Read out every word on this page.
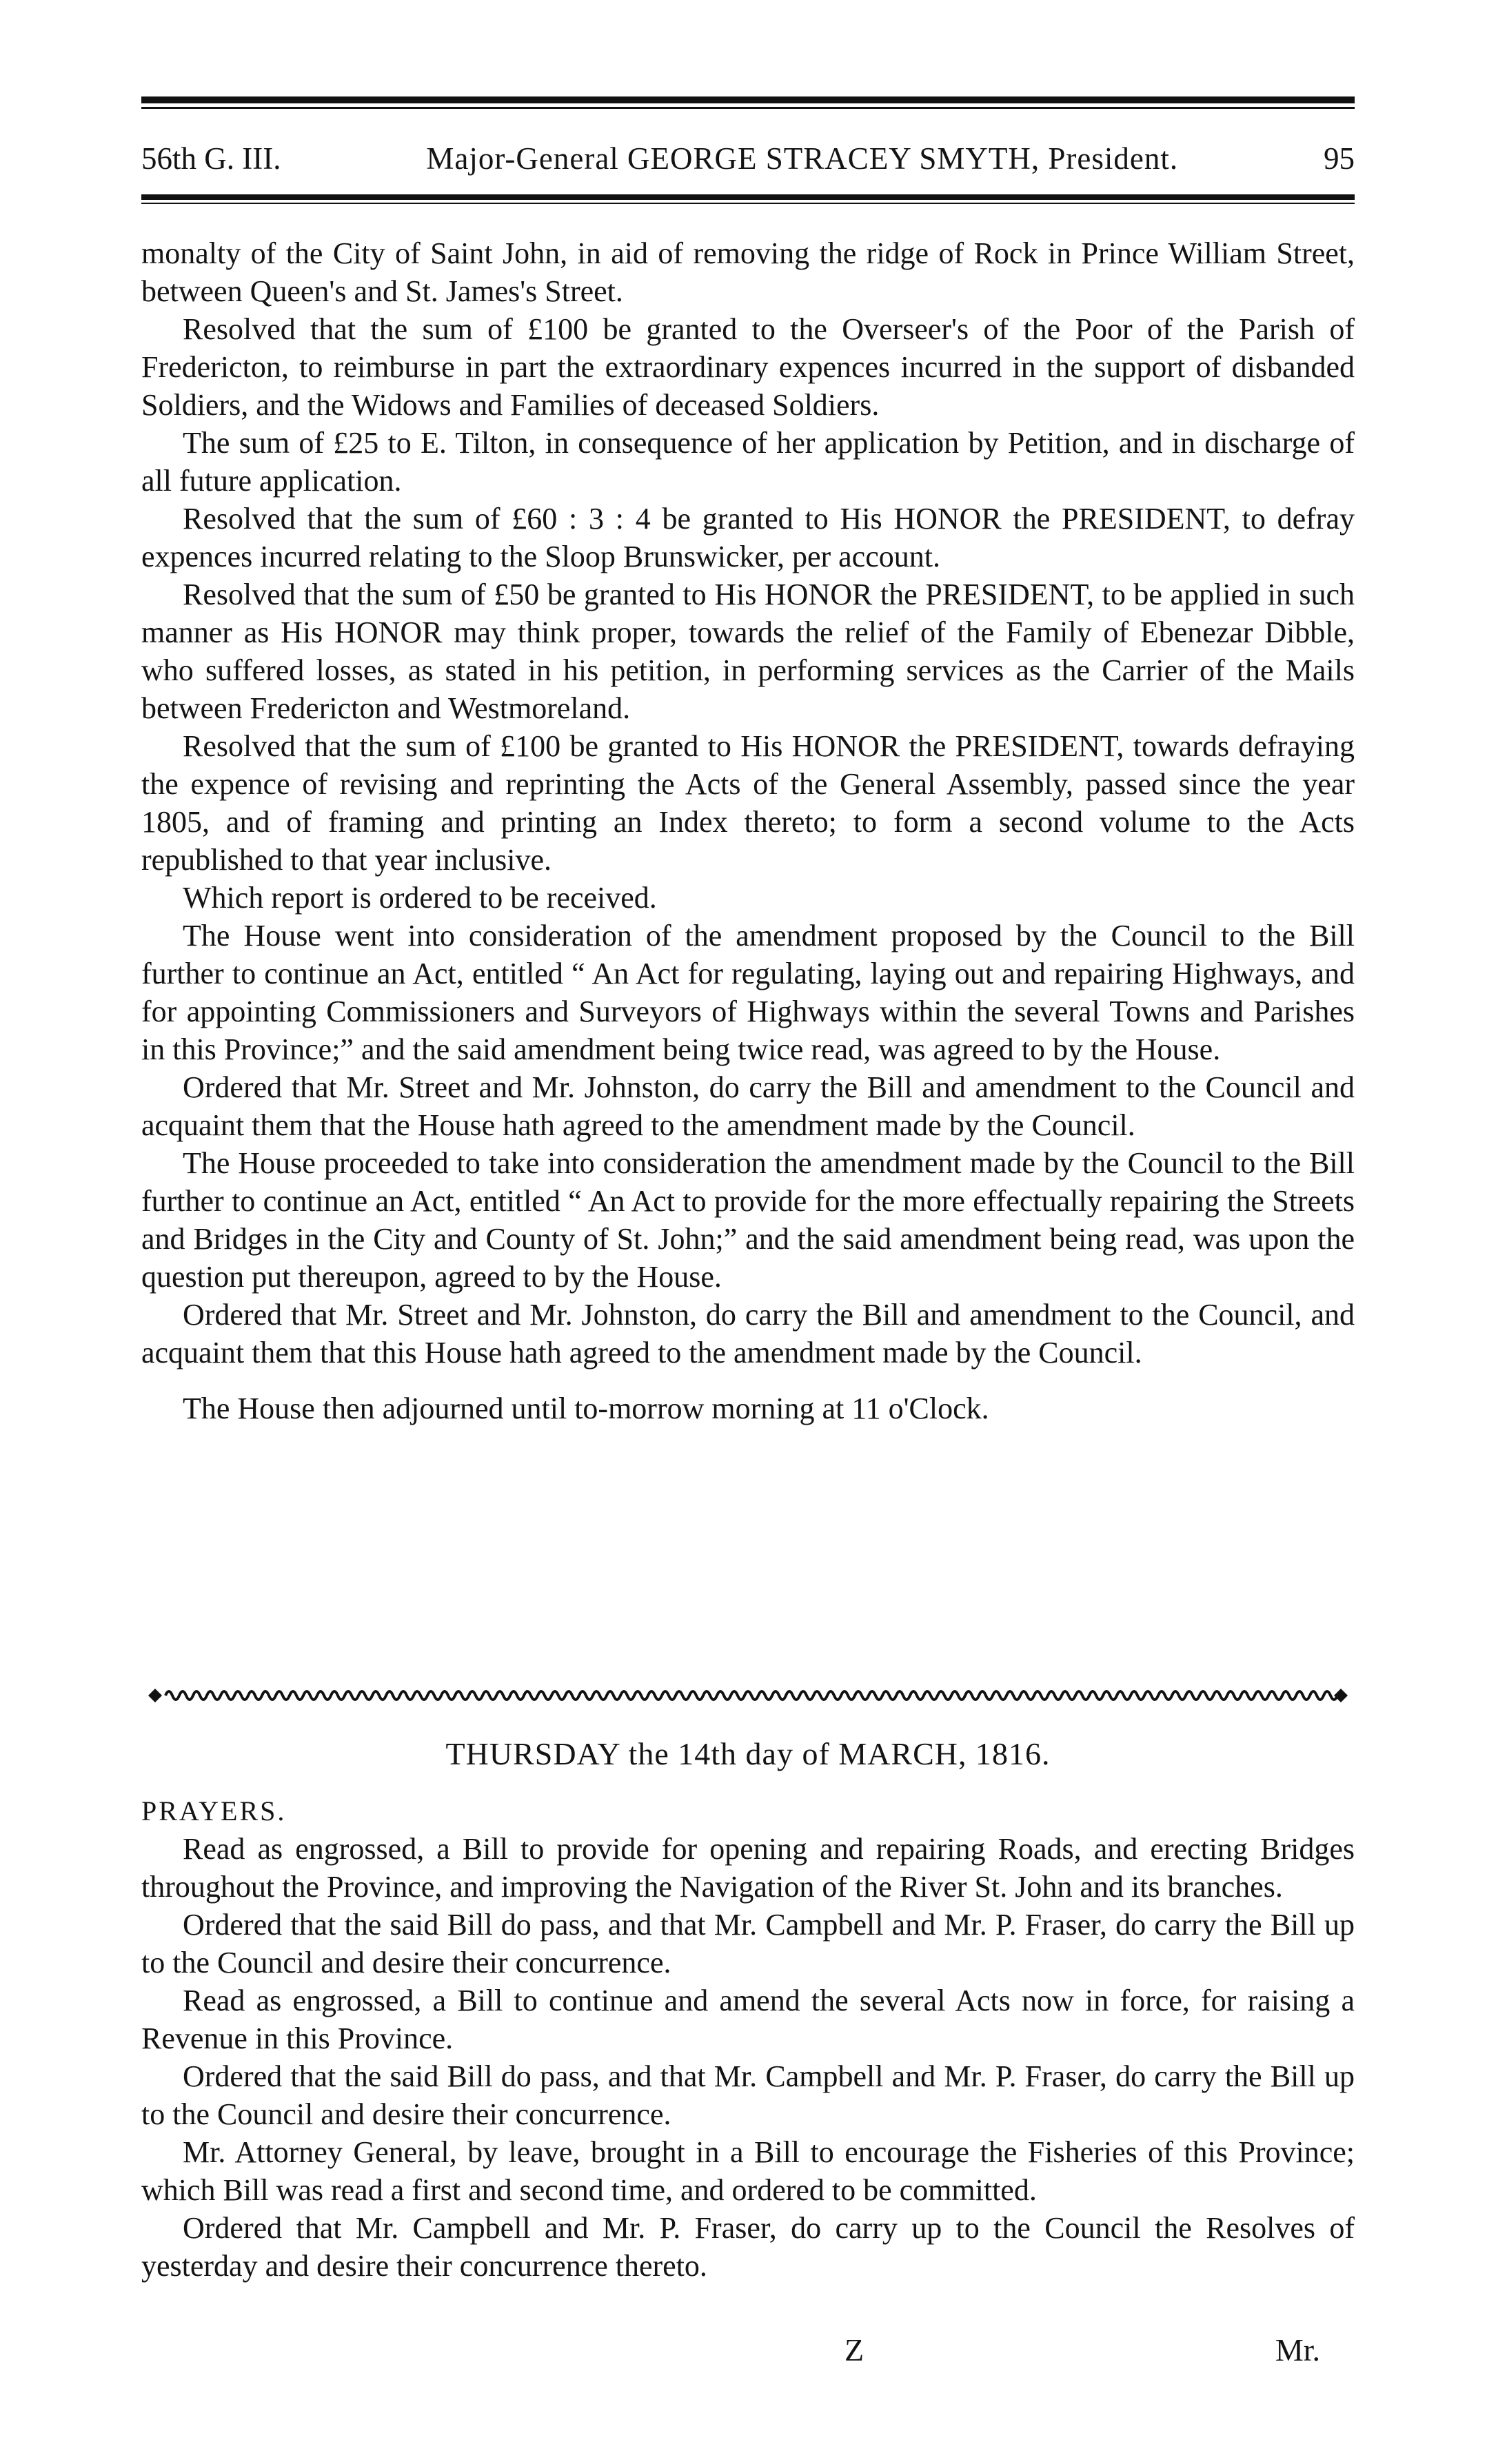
56th G. III.	Major-General GEORGE STRACEY SMYTH, President.	95

monalty of the City of Saint John, in aid of removing the ridge of Rock in Prince William Street, between Queen's and St. James's Street.

Resolved that the sum of £100 be granted to the Overseer's of the Poor of the Parish of Fredericton, to reimburse in part the extraordinary expences incurred in the support of disbanded Soldiers, and the Widows and Families of deceased Soldiers.

The sum of £25 to E. Tilton, in consequence of her application by Petition, and in discharge of all future application.

Resolved that the sum of £60 : 3 : 4 be granted to His HONOR the PRESIDENT, to defray expences incurred relating to the Sloop Brunswicker, per account.

Resolved that the sum of £50 be granted to His HONOR the PRESIDENT, to be applied in such manner as His HONOR may think proper, towards the relief of the Family of Ebenezar Dibble, who suffered losses, as stated in his petition, in performing services as the Carrier of the Mails between Fredericton and Westmoreland.

Resolved that the sum of £100 be granted to His HONOR the PRESIDENT, towards defraying the expence of revising and reprinting the Acts of the General Assembly, passed since the year 1805, and of framing and printing an Index thereto; to form a second volume to the Acts republished to that year inclusive.

Which report is ordered to be received.

The House went into consideration of the amendment proposed by the Council to the Bill further to continue an Act, entitled “ An Act for regulating, laying out and repairing Highways, and for appointing Commissioners and Surveyors of Highways within the several Towns and Parishes in this Province;” and the said amendment being twice read, was agreed to by the House.

Ordered that Mr. Street and Mr. Johnston, do carry the Bill and amendment to the Council and acquaint them that the House hath agreed to the amendment made by the Council.

The House proceeded to take into consideration the amendment made by the Council to the Bill further to continue an Act, entitled “ An Act to provide for the more effectually repairing the Streets and Bridges in the City and County of St. John;” and the said amendment being read, was upon the question put thereupon, agreed to by the House.

Ordered that Mr. Street and Mr. Johnston, do carry the Bill and amendment to the Council, and acquaint them that this House hath agreed to the amendment made by the Council.

The House then adjourned until to-morrow morning at 11 o'Clock.

THURSDAY the 14th day of MARCH, 1816.

PRAYERS.

Read as engrossed, a Bill to provide for opening and repairing Roads, and erecting Bridges throughout the Province, and improving the Navigation of the River St. John and its branches.

Ordered that the said Bill do pass, and that Mr. Campbell and Mr. P. Fraser, do carry the Bill up to the Council and desire their concurrence.

Read as engrossed, a Bill to continue and amend the several Acts now in force, for raising a Revenue in this Province.

Ordered that the said Bill do pass, and that Mr. Campbell and Mr. P. Fraser, do carry the Bill up to the Council and desire their concurrence.

Mr. Attorney General, by leave, brought in a Bill to encourage the Fisheries of this Province; which Bill was read a first and second time, and ordered to be committed.

Ordered that Mr. Campbell and Mr. P. Fraser, do carry up to the Council the Resolves of yesterday and desire their concurrence thereto.

Z	Mr.
